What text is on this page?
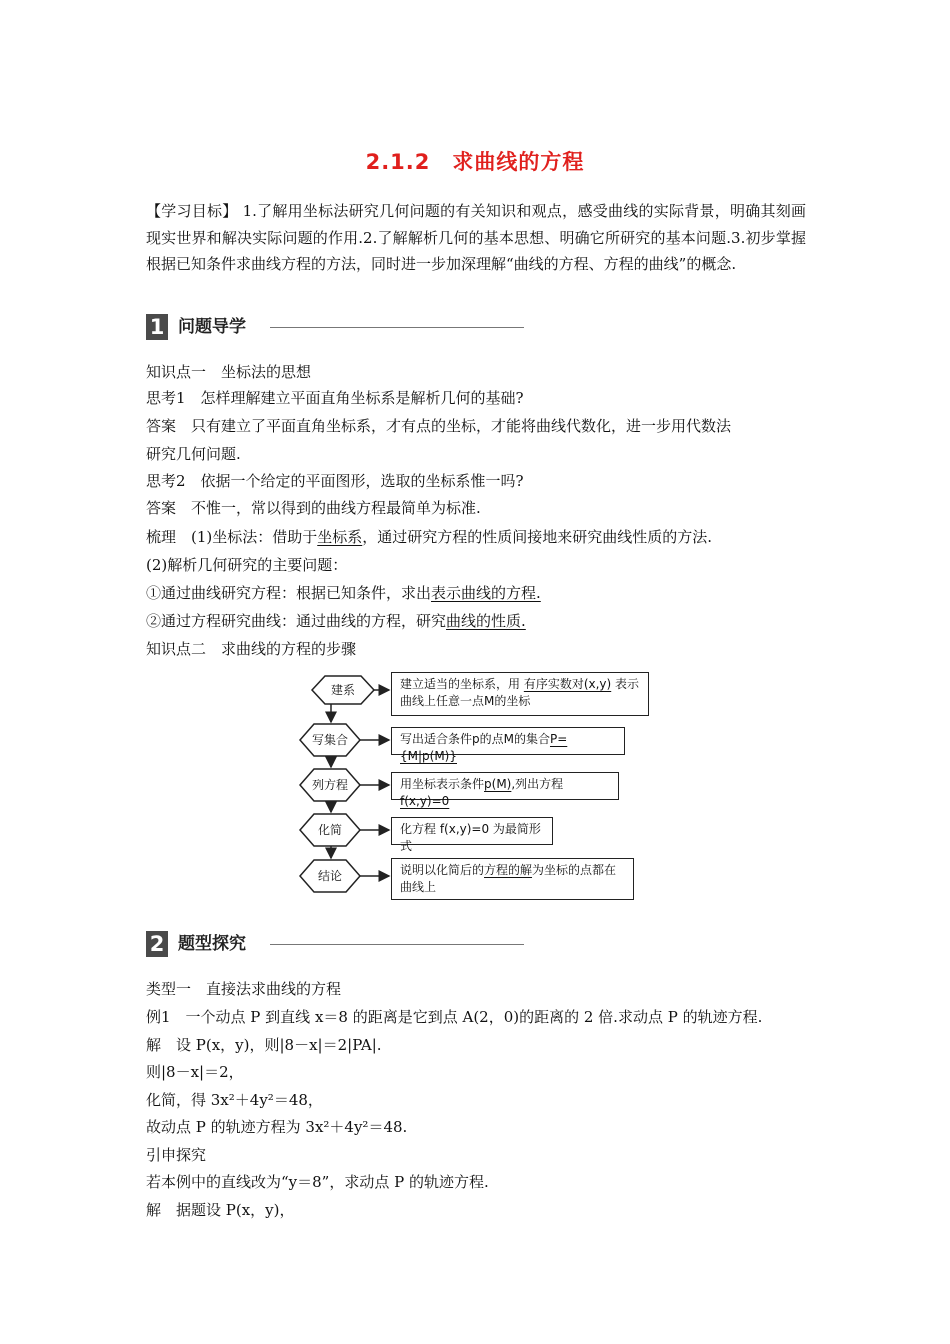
2.1.2　求曲线的方程
【学习目标】 1.了解用坐标法研究几何问题的有关知识和观点，感受曲线的实际背景，明确其刻画现实世界和解决实际问题的作用.2.了解解析几何的基本思想、明确它所研究的基本问题.3.初步掌握根据已知条件求曲线方程的方法，同时进一步加深理解“曲线的方程、方程的曲线”的概念.
1 问题导学
知识点一　坐标法的思想
思考1　怎样理解建立平面直角坐标系是解析几何的基础?
答案　只有建立了平面直角坐标系，才有点的坐标，才能将曲线代数化，进一步用代数法
研究几何问题.
思考2　依据一个给定的平面图形，选取的坐标系惟一吗?
答案　不惟一，常以得到的曲线方程最简单为标准.
梳理　(1)坐标法：借助于坐标系，通过研究方程的性质间接地来研究曲线性质的方法.
(2)解析几何研究的主要问题：
①通过曲线研究方程：根据已知条件，求出表示曲线的方程.
②通过方程研究曲线：通过曲线的方程，研究曲线的性质.
知识点二　求曲线的方程的步骤
建系
写集合
列方程
化简
结论
建立适当的坐标系，用 有序实数对(x,y) 表示
曲线上任意一点M的坐标
写出适合条件p的点M的集合P={M|p(M)}
用坐标表示条件p(M),列出方程 f(x,y)=0
化方程 f(x,y)=0 为最简形式
说明以化简后的方程的解为坐标的点都在
曲线上
2 题型探究
类型一　直接法求曲线的方程
例1　一个动点 P 到直线 x＝8 的距离是它到点 A(2，0)的距离的 2 倍.求动点 P 的轨迹方程.
解　设 P(x，y)，则|8－x|＝2|PA|.
则|8－x|＝2，
化简，得 3x²＋4y²＝48，
故动点 P 的轨迹方程为 3x²＋4y²＝48.
引申探究
若本例中的直线改为“y＝8”，求动点 P 的轨迹方程.
解　据题设 P(x，y)，
